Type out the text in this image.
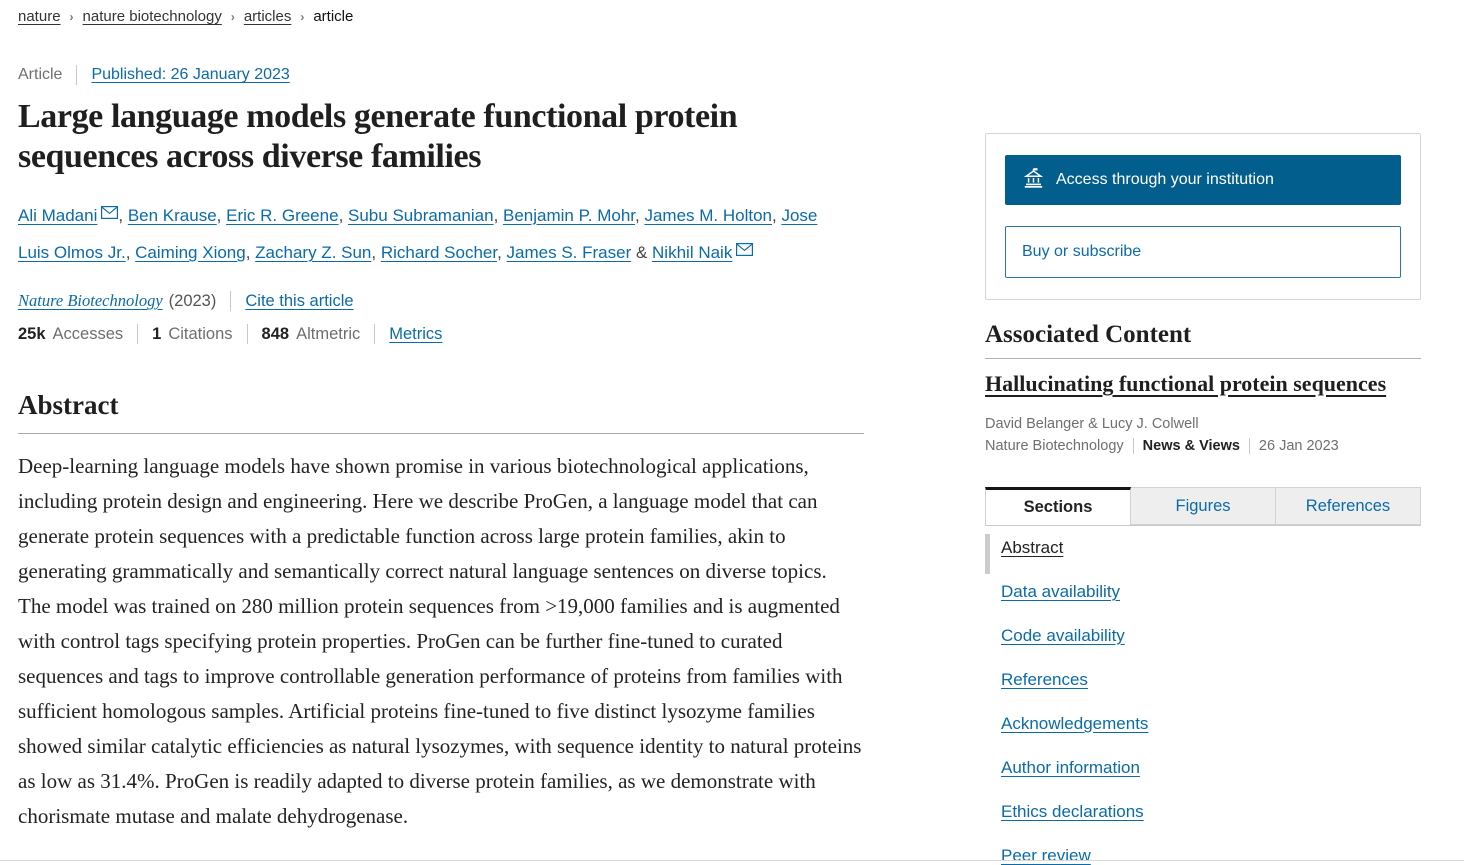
nature › nature biotechnology › articles › article
Article Published: 26 January 2023
Large language models generate functional protein sequences across diverse families

Ali Madani , Ben Krause, Eric R. Greene, Subu Subramanian, Benjamin P. Mohr, James M. Holton, Jose Luis Olmos Jr., Caiming Xiong, Zachary Z. Sun, Richard Socher, James S. Fraser & Nikhil Naik

Nature Biotechnology (2023) Cite this article
25k Accesses 1 Citations 848 Altmetric Metrics
Abstract

Deep-learning language models have shown promise in various biotechnological applications, including protein design and engineering. Here we describe ProGen, a language model that can generate protein sequences with a predictable function across large protein families, akin to generating grammatically and semantically correct natural language sentences on diverse topics. The model was trained on 280 million protein sequences from >19,000 families and is augmented with control tags specifying protein properties. ProGen can be further fine-tuned to curated sequences and tags to improve controllable generation performance of proteins from families with sufficient homologous samples. Artificial proteins fine-tuned to five distinct lysozyme families showed similar catalytic efficiencies as natural lysozymes, with sequence identity to natural proteins as low as 31.4%. ProGen is readily adapted to diverse protein families, as we demonstrate with chorismate mutase and malate dehydrogenase.

Access through your institution
Buy or subscribe
Associated Content
Hallucinating functional protein sequences

David Belanger & Lucy J. Colwell

Nature Biotechnology News & Views 26 Jan 2023

Sections	Figures	References
Abstract
Data availability
Code availability
References
Acknowledgements
Author information
Ethics declarations
Peer review
